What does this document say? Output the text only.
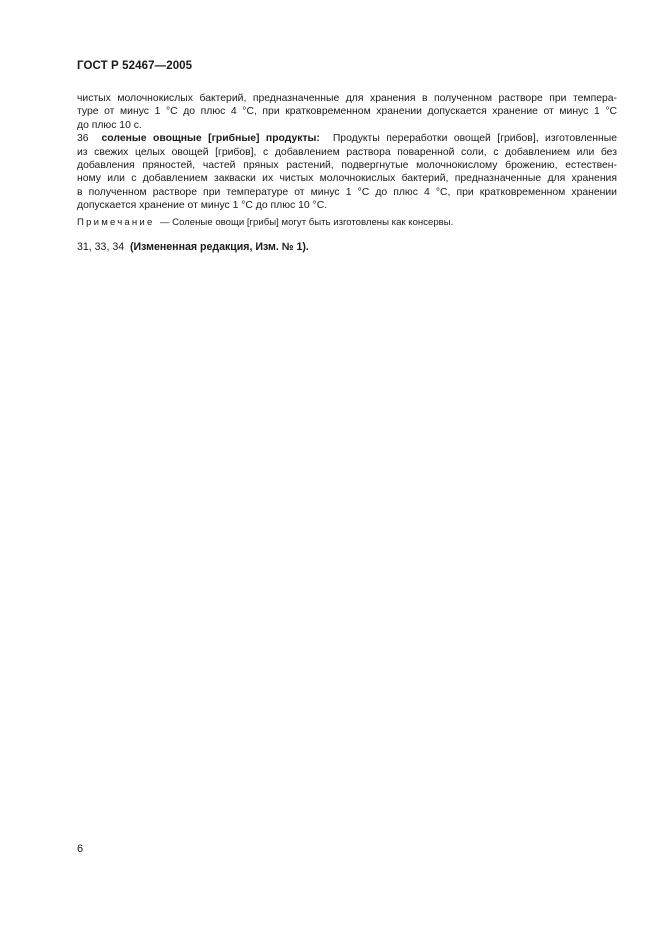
ГОСТ Р 52467—2005
чистых молочнокислых бактерий, предназначенные для хранения в полученном растворе при темпера-
туре от минус 1 °С до плюс 4 °С, при кратковременном хранении допускается хранение от минус 1 °С
до плюс 10 с.
36 соленые овощные [грибные] продукты: Продукты переработки овощей [грибов], изготовленные
из свежих целых овощей [грибов], с добавлением раствора поваренной соли, с добавлением или без
добавления пряностей, частей пряных растений, подвергнутые молочнокислому брожению, естествен-
ному или с добавлением закваски их чистых молочнокислых бактерий, предназначенные для хранения
в полученном растворе при температуре от минус 1 °С до плюс 4 °С, при кратковременном хранении
допускается хранение от минус 1 °С до плюс 10 °С.
Примечание — Соленые овощи [грибы] могут быть изготовлены как консервы.
31, 33, 34 (Измененная редакция, Изм. № 1).
6
